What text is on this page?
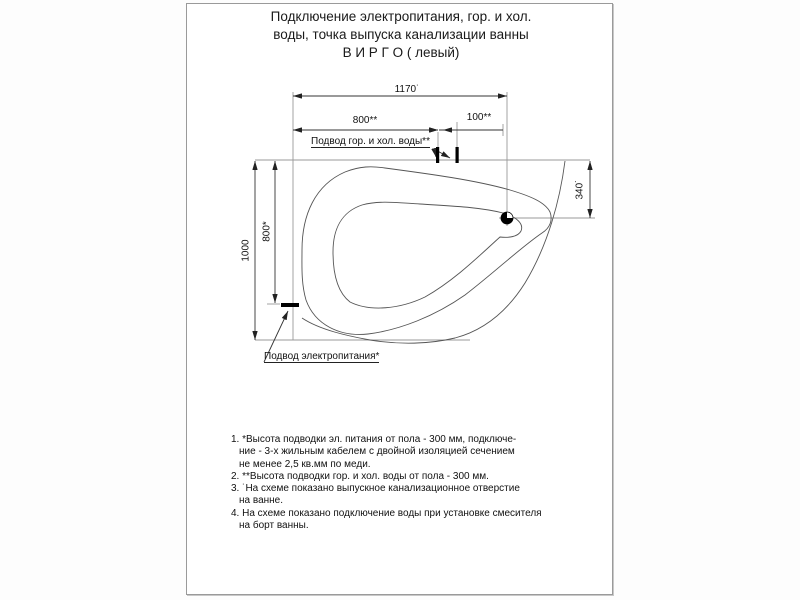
Подключение электропитания, гор. и хол.
воды, точка выпуска канализации ванны
В И Р Г О ( левый)
1170˙
800**	100**
1000
800*
340˙
Подвод гор. и хол. воды**
Подвод электропитания*
1. *Высота подводки эл. питания от пола - 300 мм, подключе-
ние - 3-х жильным кабелем с двойной изоляцией сечением
не менее 2,5 кв.мм по меди.
2. **Высота подводки гор. и хол. воды от пола - 300 мм.
3. ˙На схеме показано выпускное канализационное отверстие
на ванне.
4. На схеме показано подключение воды при установке смесителя
на борт ванны.
